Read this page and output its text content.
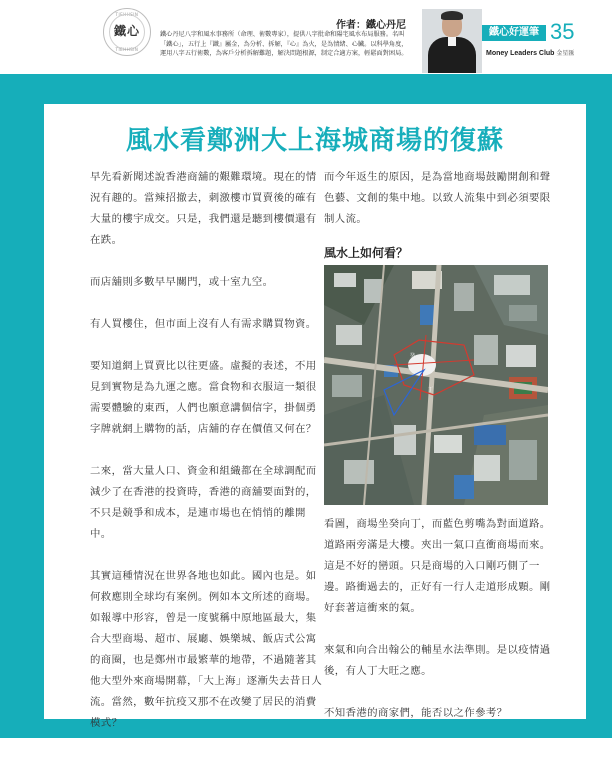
TIEHHSIN
鐵心
TIEHHSIN
作者：鐵心丹尼
鐵心丹尼八字和風水事務所（命理、術數專家），提供八字批命和陽宅風水布局服務。名叫
「鐵心」，五行上『鐵』屬金，為分析、拆解，『心』為火，是為情緒、心臟。以科學角度，
運用八字五行術數，為客戶分析拆解難題，解決問題根源，制定合適方案，輕鬆面對困局。
鐵心好運筆 35
Money Leaders Club 金星匯
風水看鄭洲大上海城商場的復蘇

早先看新聞述說香港商舖的艱難環境。現在的情況有趣的。當辣招撤去，刺激樓市買賣後的確有大量的樓宇成交。只是，我們還是聽到樓價還有在跌。

而店舖則多數早早關門，或十室九空。

有人買樓住，但市面上沒有人有需求購買物資。

要知道網上買賣比以往更盛。虛擬的表述，不用見到實物是為九運之應。當食物和衣服這一類很需要體驗的東西，人們也願意講個信字，掛個勇字牌就網上購物的話，店舖的存在價值又何在？

二來，當大量人口、資金和組織都在全球調配而減少了在香港的投資時，香港的商舖要面對的，不只是競爭和成本，是連市場也在悄悄的離開中。

其實這種情況在世界各地也如此。國內也是。如何救應則全球均有案例。例如本文所述的商場。如報導中形容，曾是一度號稱中原地區最大，集合大型商場、超市、展廳、娛樂城、飯店式公寓的商圈，也是鄭州市最繁華的地帶，不過隨著其他大型外來商場開幕，「大上海」逐漸失去昔日人流。當然，數年抗疫又那不在改變了居民的消費模式？

而今年返生的原因，是為當地商場鼓勵開創和聲色藝、文創的集中地。以致人流集中到必須要限制人流。

風水上如何看？
癸
丁

看圖，商場坐癸向丁，而藍色剪嘴為對面道路。道路兩旁滿是大樓。夾出一氣口直衝商場而來。這是不好的巒頭。只是商場的入口剛巧側了一邊。路衝過去的，正好有一行人走道形成顆。剛好套著這衝來的氣。

來氣和向合出翰公的輔星水法準則。是以疫情過後，有人丁大旺之應。

不知香港的商家們，能否以之作參考？
